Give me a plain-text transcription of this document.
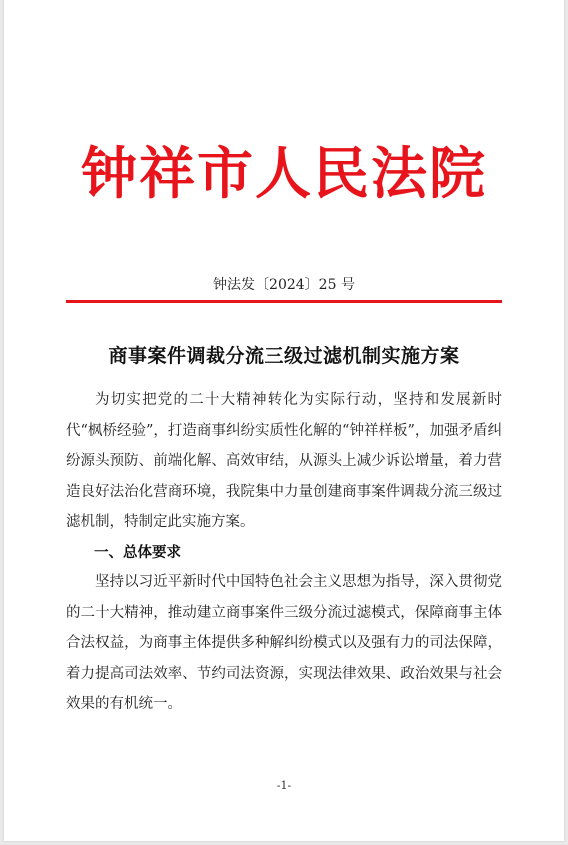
钟祥市人民法院
钟法发〔2024〕25 号
商事案件调裁分流三级过滤机制实施方案

为切实把党的二十大精神转化为实际行动，坚持和发展新时代“枫桥经验”，打造商事纠纷实质性化解的“钟祥样板”，加强矛盾纠纷源头预防、前端化解、高效审结，从源头上减少诉讼增量，着力营造良好法治化营商环境，我院集中力量创建商事案件调裁分流三级过滤机制，特制定此实施方案。

一、总体要求

坚持以习近平新时代中国特色社会主义思想为指导，深入贯彻党的二十大精神，推动建立商事案件三级分流过滤模式，保障商事主体合法权益，为商事主体提供多种解纠纷模式以及强有力的司法保障，着力提高司法效率、节约司法资源，实现法律效果、政治效果与社会效果的有机统一。

-1-
